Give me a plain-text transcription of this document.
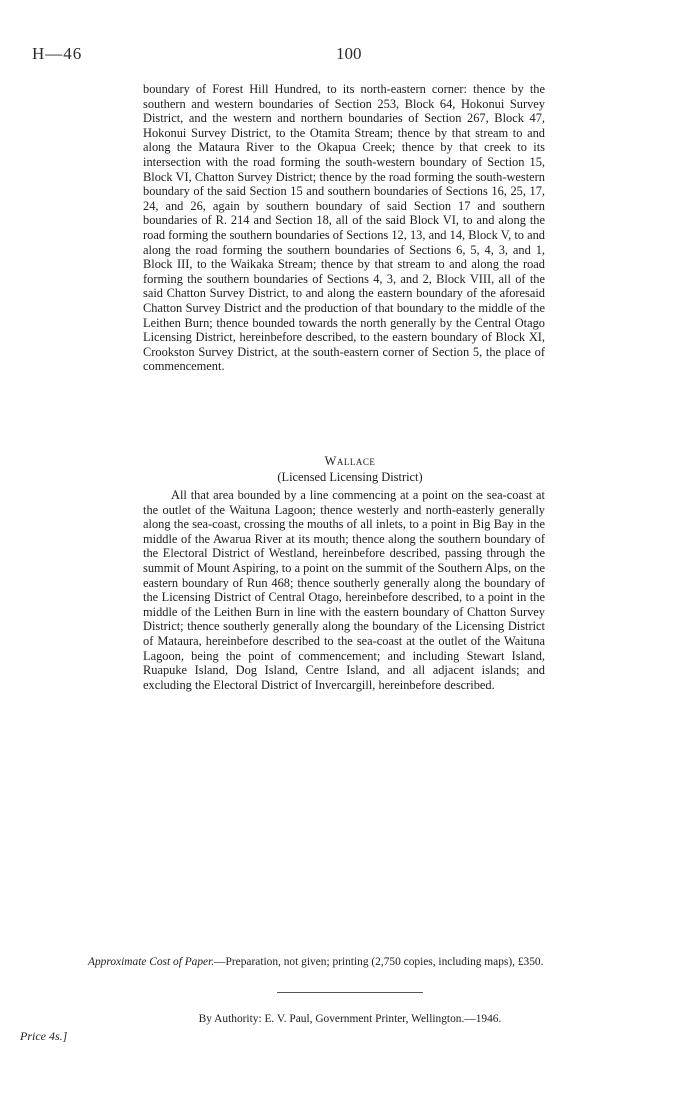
H—46	100
boundary of Forest Hill Hundred, to its north-eastern corner: thence by the southern and western boundaries of Section 253, Block 64, Hokonui Survey District, and the western and northern boundaries of Section 267, Block 47, Hokonui Survey District, to the Otamita Stream; thence by that stream to and along the Mataura River to the Okapua Creek; thence by that creek to its intersection with the road forming the south-western boundary of Section 15, Block VI, Chatton Survey District; thence by the road forming the south-western boundary of the said Section 15 and southern boundaries of Sections 16, 25, 17, 24, and 26, again by southern boundary of said Section 17 and southern boundaries of R. 214 and Section 18, all of the said Block VI, to and along the road forming the southern boundaries of Sections 12, 13, and 14, Block V, to and along the road forming the southern boundaries of Sections 6, 5, 4, 3, and 1, Block III, to the Waikaka Stream; thence by that stream to and along the road forming the southern boundaries of Sections 4, 3, and 2, Block VIII, all of the said Chatton Survey District, to and along the eastern boundary of the aforesaid Chatton Survey District and the production of that boundary to the middle of the Leithen Burn; thence bounded towards the north generally by the Central Otago Licensing District, hereinbefore described, to the eastern boundary of Block XI, Crookston Survey District, at the south-eastern corner of Section 5, the place of commencement.
Wallace
(Licensed Licensing District)
All that area bounded by a line commencing at a point on the sea-coast at the outlet of the Waituna Lagoon; thence westerly and north-easterly generally along the sea-coast, crossing the mouths of all inlets, to a point in Big Bay in the middle of the Awarua River at its mouth; thence along the southern boundary of the Electoral District of Westland, hereinbefore described, passing through the summit of Mount Aspiring, to a point on the summit of the Southern Alps, on the eastern boundary of Run 468; thence southerly generally along the boundary of the Licensing District of Central Otago, hereinbefore described, to a point in the middle of the Leithen Burn in line with the eastern boundary of Chatton Survey District; thence southerly generally along the boundary of the Licensing District of Mataura, hereinbefore described to the sea-coast at the outlet of the Waituna Lagoon, being the point of commencement; and including Stewart Island, Ruapuke Island, Dog Island, Centre Island, and all adjacent islands; and excluding the Electoral District of Invercargill, hereinbefore described.
Approximate Cost of Paper.—Preparation, not given; printing (2,750 copies, including maps), £350.
By Authority: E. V. Paul, Government Printer, Wellington.—1946.
Price 4s.]
